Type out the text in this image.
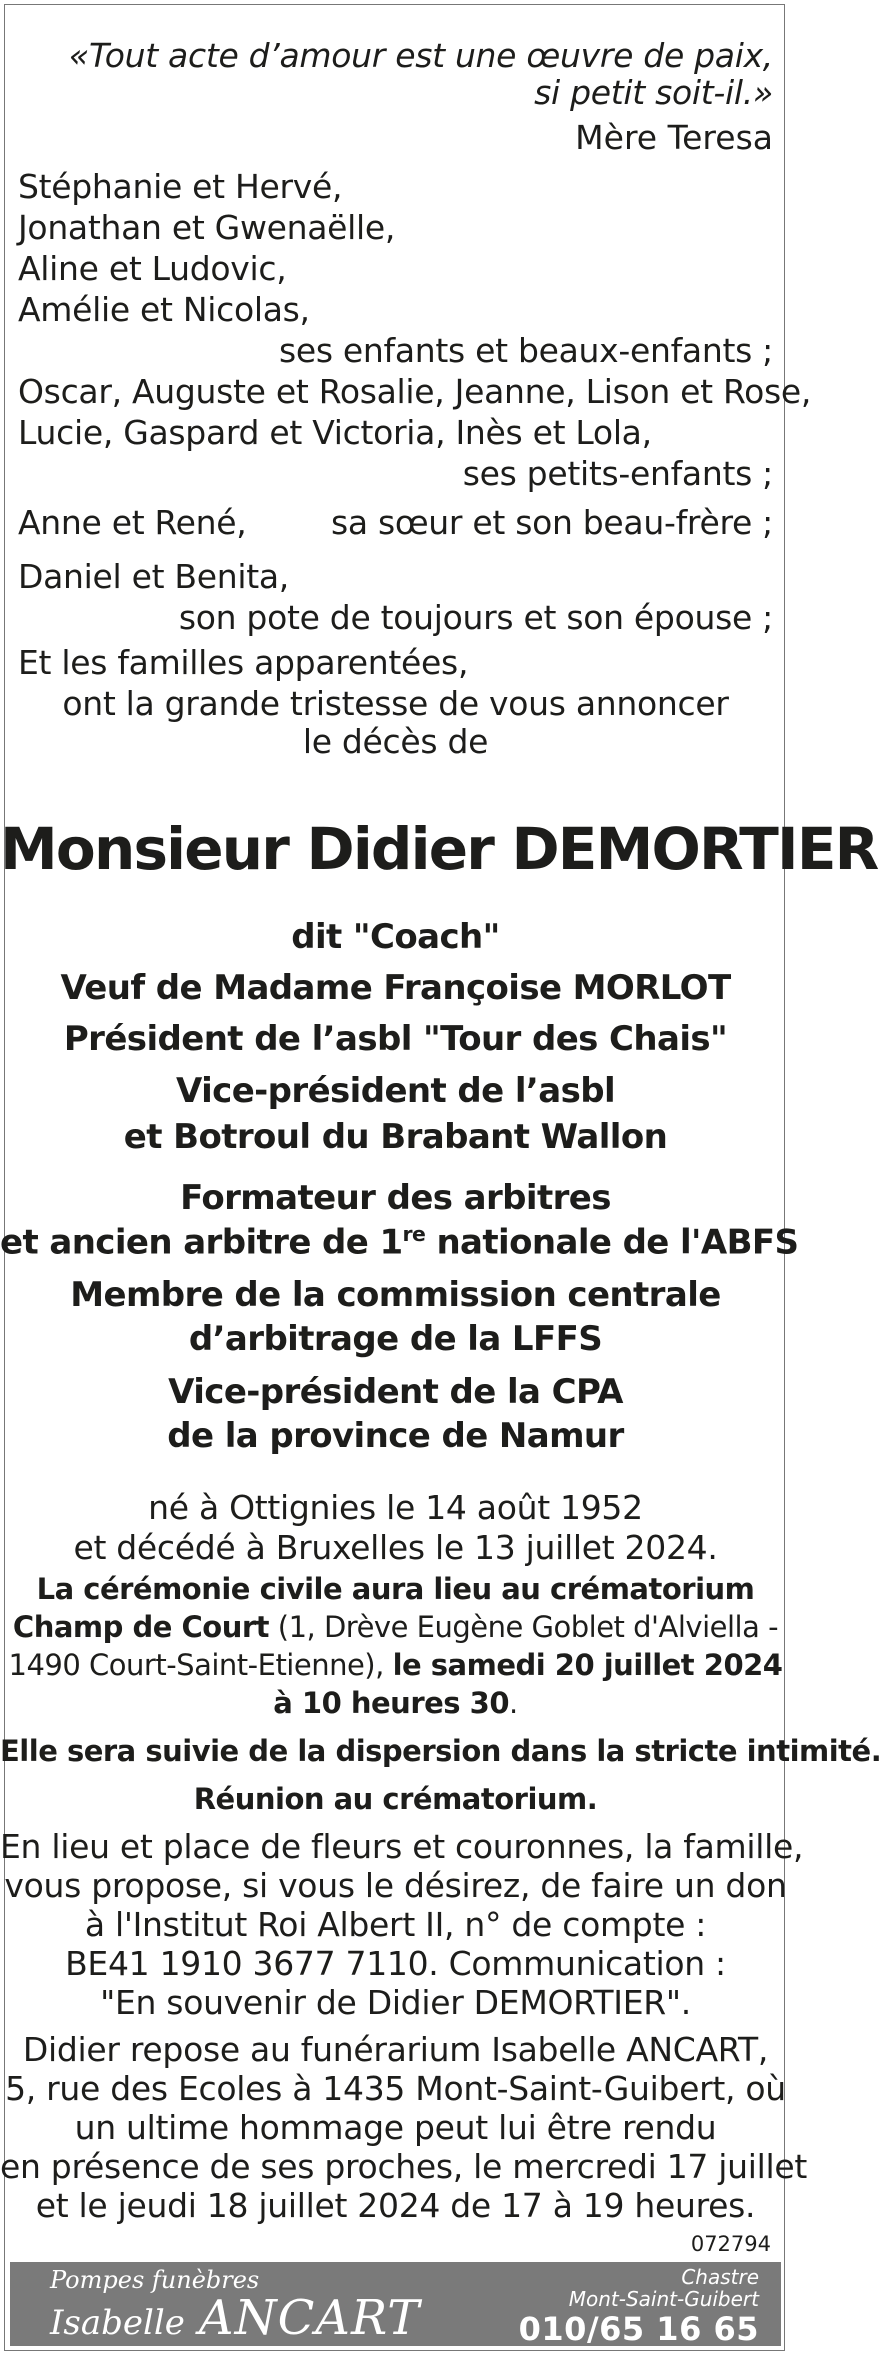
«Tout acte d’amour est une œuvre de paix,
si petit soit-il.»
Mère Teresa
Stéphanie et Hervé,
Jonathan et Gwenaëlle,
Aline et Ludovic,
Amélie et Nicolas,
ses enfants et beaux-enfants ;
Oscar, Auguste et Rosalie, Jeanne, Lison et Rose,
Lucie, Gaspard et Victoria, Inès et Lola,
ses petits-enfants ;
Anne et René,	sa sœur et son beau-frère ;
Daniel et Benita,
son pote de toujours et son épouse ;
Et les familles apparentées,
ont la grande tristesse de vous annoncer
le décès de
Monsieur Didier DEMORTIER
dit "Coach"
Veuf de Madame Françoise MORLOT
Président de l’asbl "Tour des Chais"
Vice-président de l’asbl
et Botroul du Brabant Wallon
Formateur des arbitres
et ancien arbitre de 1re nationale de l'ABFS
Membre de la commission centrale
d’arbitrage de la LFFS
Vice-président de la CPA
de la province de Namur
né à Ottignies le 14 août 1952
et décédé à Bruxelles le 13 juillet 2024.
La cérémonie civile aura lieu au crématorium
Champ de Court (1, Drève Eugène Goblet d'Alviella -
1490 Court-Saint-Etienne), le samedi 20 juillet 2024
à 10 heures 30.
Elle sera suivie de la dispersion dans la stricte intimité.
Réunion au crématorium.
En lieu et place de fleurs et couronnes, la famille,
vous propose, si vous le désirez, de faire un don
à l'Institut Roi Albert II, n° de compte :
BE41 1910 3677 7110. Communication :
"En souvenir de Didier DEMORTIER".
Didier repose au funérarium Isabelle ANCART,
5, rue des Ecoles à 1435 Mont-Saint-Guibert, où
un ultime hommage peut lui être rendu
en présence de ses proches, le mercredi 17 juillet
et le jeudi 18 juillet 2024 de 17 à 19 heures.
072794
Pompes funèbres
Isabelle ANCART
Chastre
Mont-Saint-Guibert
010/65 16 65
